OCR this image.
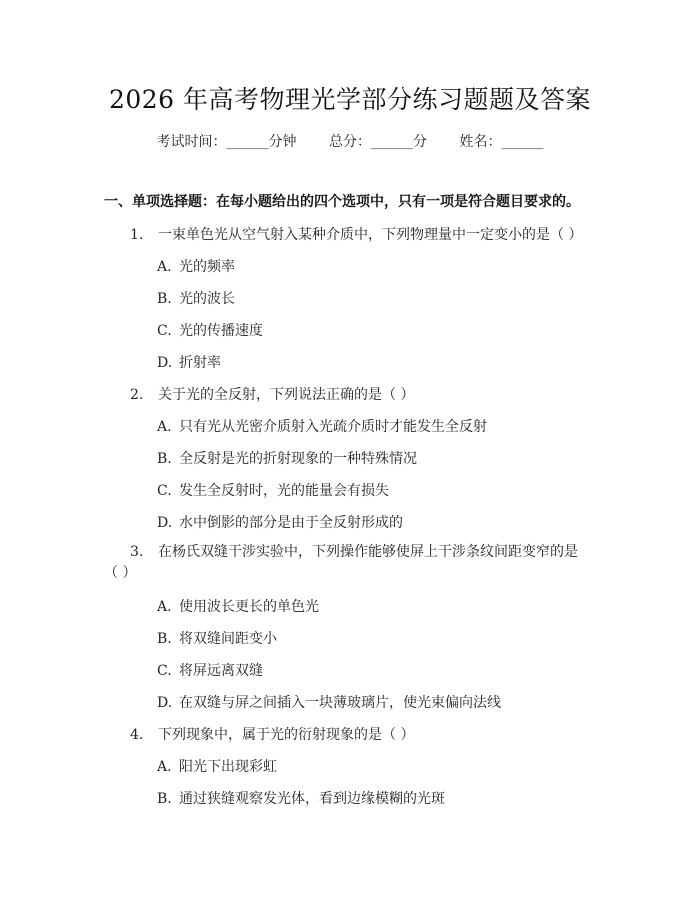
2026 年高考物理光学部分练习题题及答案
考试时间：______分钟 总分：______分 姓名：______
一、单项选择题：在每小题给出的四个选项中，只有一项是符合题目要求的。
1. 一束单色光从空气射入某种介质中，下列物理量中一定变小的是（ ）
A. 光的频率
B. 光的波长
C. 光的传播速度
D. 折射率
2. 关于光的全反射，下列说法正确的是（ ）
A. 只有光从光密介质射入光疏介质时才能发生全反射
B. 全反射是光的折射现象的一种特殊情况
C. 发生全反射时，光的能量会有损失
D. 水中倒影的部分是由于全反射形成的
3. 在杨氏双缝干涉实验中，下列操作能够使屏上干涉条纹间距变窄的是（ ）
A. 使用波长更长的单色光
B. 将双缝间距变小
C. 将屏远离双缝
D. 在双缝与屏之间插入一块薄玻璃片，使光束偏向法线
4. 下列现象中，属于光的衍射现象的是（ ）
A. 阳光下出现彩虹
B. 通过狭缝观察发光体，看到边缘模糊的光斑
